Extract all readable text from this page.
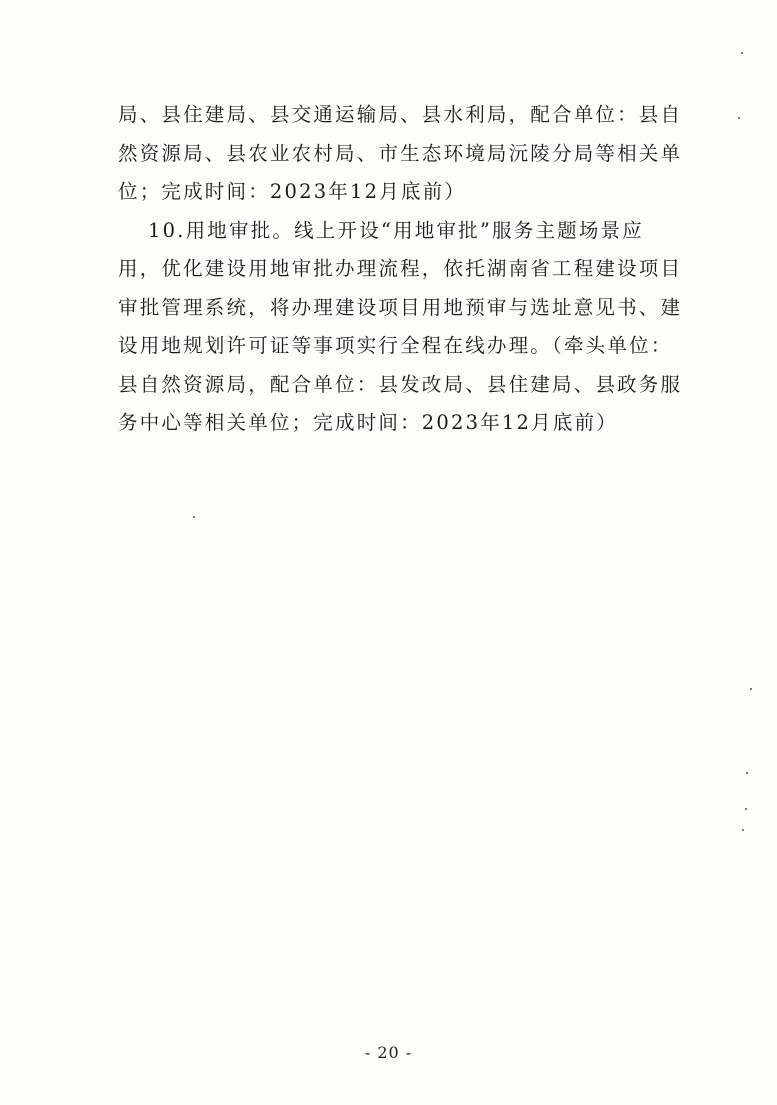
局、县住建局、县交通运输局、县水利局，配合单位：县自
然资源局、县农业农村局、市生态环境局沅陵分局等相关单
位；完成时间：2023年12月底前）
10.用地审批。线上开设“用地审批”服务主题场景应
用，优化建设用地审批办理流程，依托湖南省工程建设项目
审批管理系统，将办理建设项目用地预审与选址意见书、建
设用地规划许可证等事项实行全程在线办理。（牵头单位：
县自然资源局，配合单位：县发改局、县住建局、县政务服
务中心等相关单位；完成时间：2023年12月底前）
- 20 -
